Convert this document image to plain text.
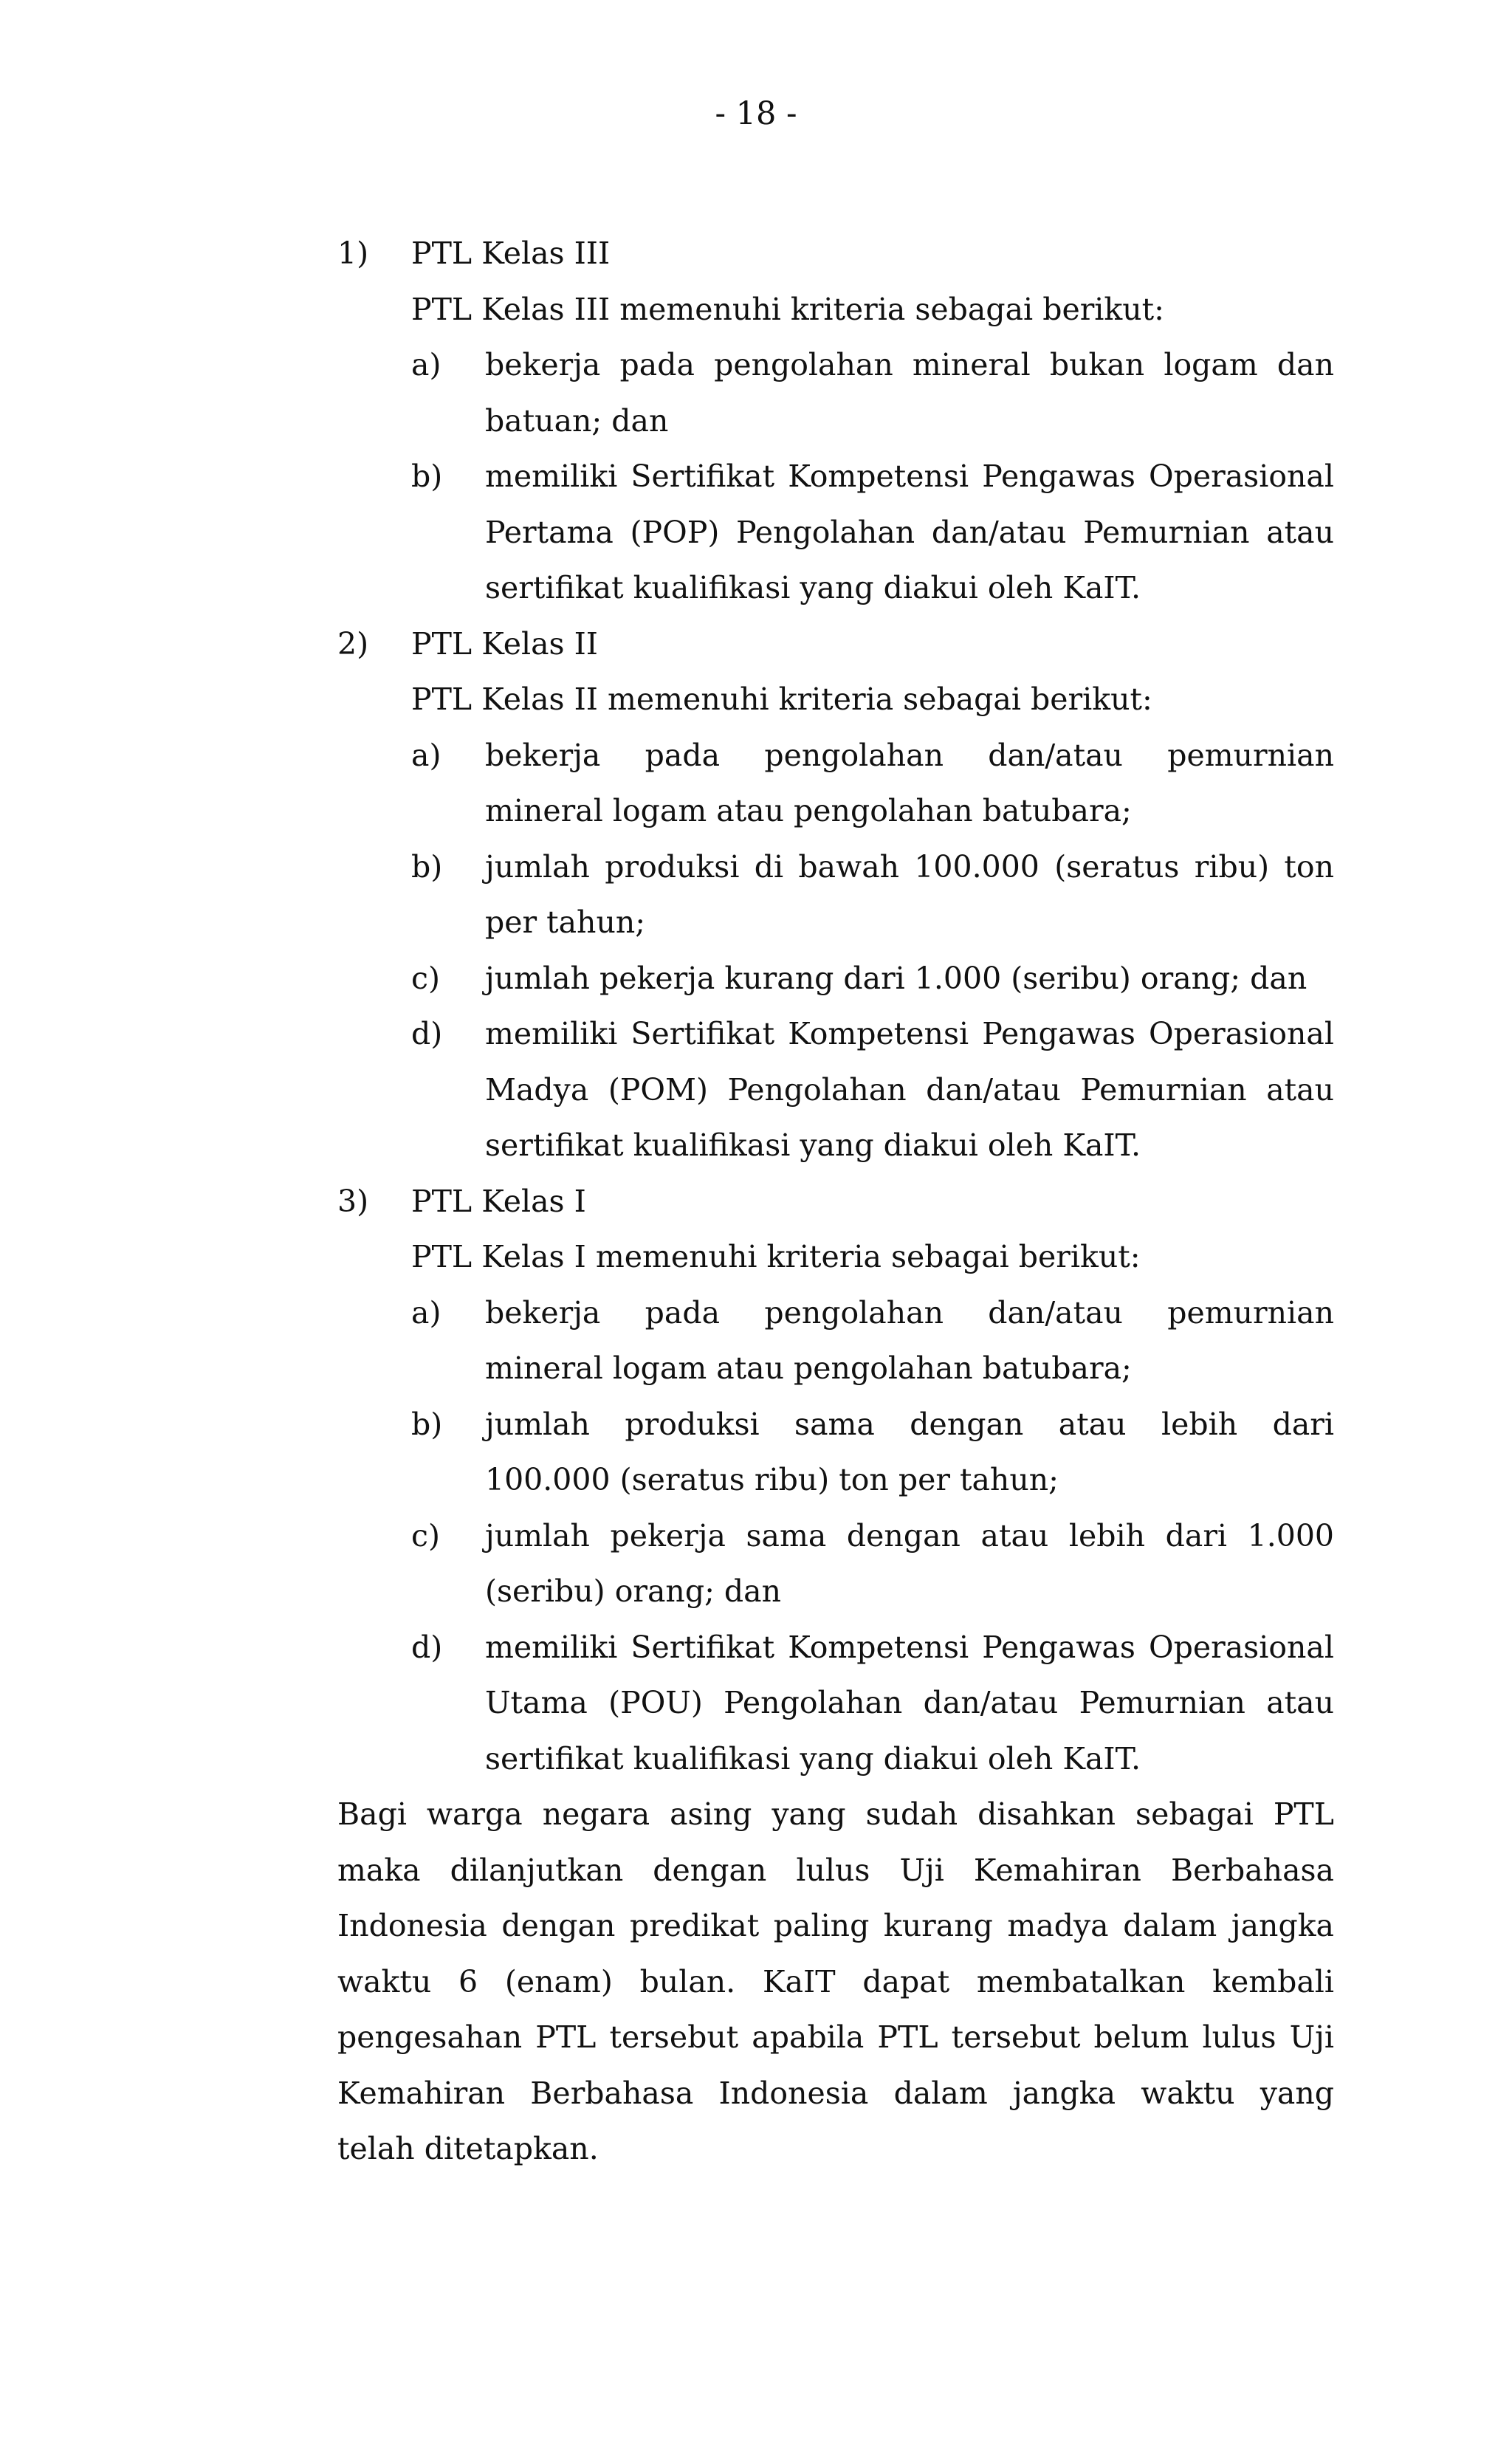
- 18 -
1) PTL Kelas III
PTL Kelas III memenuhi kriteria sebagai berikut:
a) bekerja pada pengolahan mineral bukan logam dan
batuan; dan
b) memiliki Sertifikat Kompetensi Pengawas Operasional
Pertama (POP) Pengolahan dan/atau Pemurnian atau
sertifikat kualifikasi yang diakui oleh KaIT.
2) PTL Kelas II
PTL Kelas II memenuhi kriteria sebagai berikut:
a) bekerja pada pengolahan dan/atau pemurnian
mineral logam atau pengolahan batubara;
b) jumlah produksi di bawah 100.000 (seratus ribu) ton
per tahun;
c) jumlah pekerja kurang dari 1.000 (seribu) orang; dan
d) memiliki Sertifikat Kompetensi Pengawas Operasional
Madya (POM) Pengolahan dan/atau Pemurnian atau
sertifikat kualifikasi yang diakui oleh KaIT.
3) PTL Kelas I
PTL Kelas I memenuhi kriteria sebagai berikut:
a) bekerja pada pengolahan dan/atau pemurnian
mineral logam atau pengolahan batubara;
b) jumlah produksi sama dengan atau lebih dari
100.000 (seratus ribu) ton per tahun;
c) jumlah pekerja sama dengan atau lebih dari 1.000
(seribu) orang; dan
d) memiliki Sertifikat Kompetensi Pengawas Operasional
Utama (POU) Pengolahan dan/atau Pemurnian atau
sertifikat kualifikasi yang diakui oleh KaIT.
Bagi warga negara asing yang sudah disahkan sebagai PTL
maka dilanjutkan dengan lulus Uji Kemahiran Berbahasa
Indonesia dengan predikat paling kurang madya dalam jangka
waktu 6 (enam) bulan. KaIT dapat membatalkan kembali
pengesahan PTL tersebut apabila PTL tersebut belum lulus Uji
Kemahiran Berbahasa Indonesia dalam jangka waktu yang
telah ditetapkan.
